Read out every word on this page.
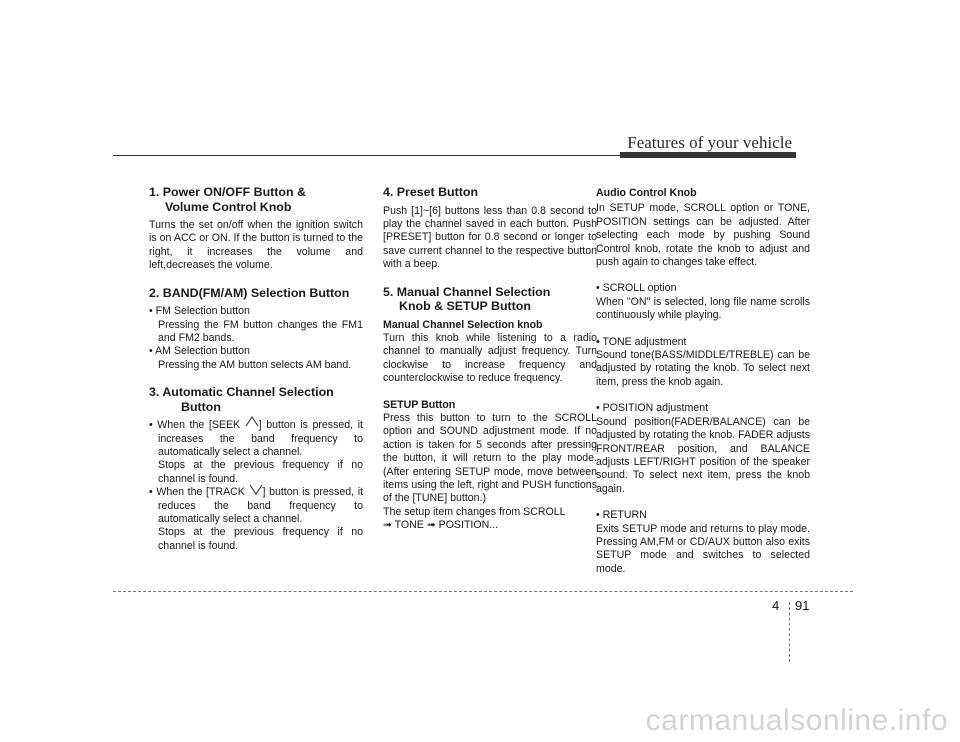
Features of your vehicle
1. Power ON/OFF Button &
Volume Control Knob

Turns the set on/off when the ignition switch is on ACC or ON. If the button is turned to the right, it increases the volume and left,decreases the volume.

2. BAND(FM/AM) Selection Button

• FM Selection button

Pressing the FM button changes the FM1 and FM2 bands.

• AM Selection button

Pressing the AM button selects AM band.

3. Automatic Channel Selection
Button

• When the [SEEK
] button is pressed, it increases the band frequency to automatically select a channel.

Stops at the previous frequency if no channel is found.

• When the [TRACK
] button is pressed, it reduces the band frequency to automatically select a channel.

Stops at the previous frequency if no channel is found.

4. Preset Button

Push [1]~[6] buttons less than 0.8 second to play the channel saved in each button. Push [PRESET] button for 0.8 second or longer to save current channel to the respective button with a beep.

5. Manual Channel Selection
Knob & SETUP Button
Manual Channel Selection knob

Turn this knob while listening to a radio channel to manually adjust frequency. Turn clockwise to increase frequency and counterclockwise to reduce frequency.

SETUP Button

Press this button to turn to the SCROLL option and SOUND adjustment mode. If no action is taken for 5 seconds after pressing the button, it will return to the play mode.(After entering SETUP mode, move between items using the left, right and PUSH functions of the [TUNE] button.)

The setup item changes from SCROLL
➟ TONE ➟ POSITION...

Audio Control Knob

In SETUP mode, SCROLL option or TONE, POSITION settings can be adjusted. After selecting each mode by pushing Sound Control knob, rotate the knob to adjust and push again to changes take effect.

• SCROLL option

When "ON" is selected, long file name scrolls continuously while playing.

• TONE adjustment

Sound tone(BASS/MIDDLE/TREBLE) can be adjusted by rotating the knob. To select next item, press the knob again.

• POSITION adjustment

Sound position(FADER/BALANCE) can be adjusted by rotating the knob. FADER adjusts FRONT/REAR position, and BALANCE adjusts LEFT/RIGHT position of the speaker sound. To select next item, press the knob again.

• RETURN

Exits SETUP mode and returns to play mode. Pressing AM,FM or CD/AUX button also exits SETUP mode and switches to selected mode.

4 91
carmanualsonline.info
